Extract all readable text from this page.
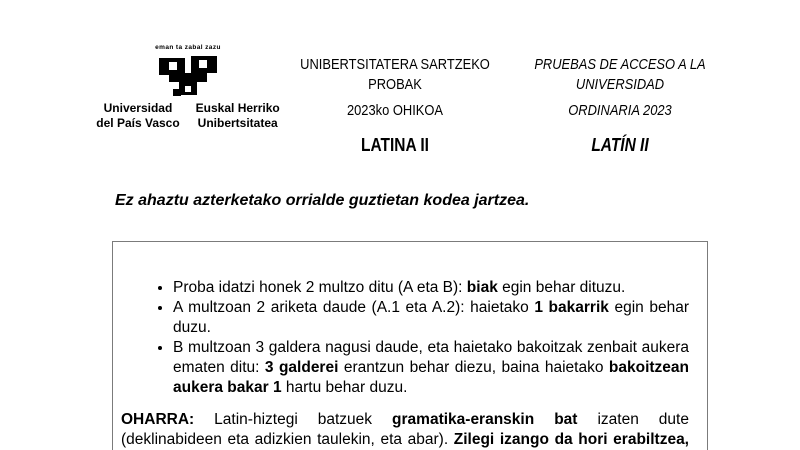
eman ta zabal zazu
Universidad
del País Vasco
Euskal Herriko
Unibertsitatea
UNIBERTSITATERA SARTZEKO
PROBAK
2023ko OHIKOA
LATINA II
PRUEBAS DE ACCESO A LA
UNIVERSIDAD
ORDINARIA 2023
LATÍN II

Ez ahaztu azterketako orrialde guztietan kodea jartzea.

• Proba idatzi honek 2 multzo ditu (A eta B): biak egin behar dituzu.
• A multzoan 2 ariketa daude (A.1 eta A.2): haietako 1 bakarrik egin behar duzu.
• B multzoan 3 galdera nagusi daude, eta haietako bakoitzak zenbait aukera ematen ditu: 3 galderei erantzun behar diezu, baina haietako bakoitzean aukera bakar 1 hartu behar duzu.

OHARRA: Latin-hiztegi batzuek gramatika-eranskin bat izaten dute (deklinabideen eta adizkien taulekin, eta abar). Zilegi izango da hori erabiltzea,
